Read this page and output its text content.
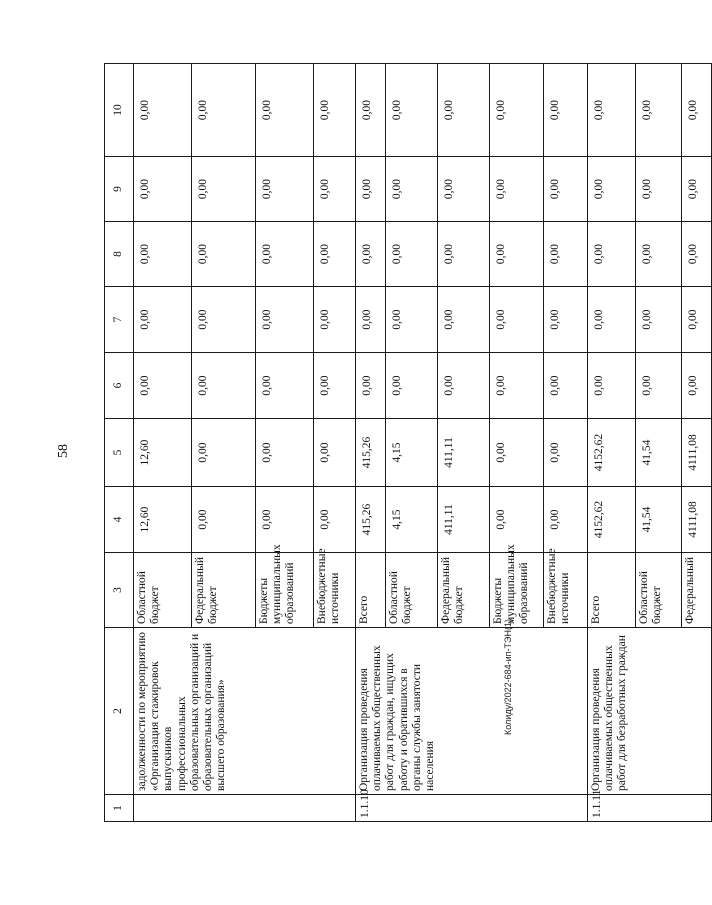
58
Колиду/2022-684-ип-ТЭН(1)
1	2	3	4	5	6	7	8	9	10
	задолженности по мероприятию «Организация стажировок выпускников профессиональных образовательных организаций и образовательных организаций высшего образования»	Областной бюджет	12,60	12,60	0,00	0,00	0,00	0,00	0,00
		Федеральный бюджет	0,00	0,00	0,00	0,00	0,00	0,00	0,00
		Бюджеты муниципальных образований	0,00	0,00	0,00	0,00	0,00	0,00	0,00
		Внебюджетные источники	0,00	0,00	0,00	0,00	0,00	0,00	0,00
1.1.10	Организация проведения оплачиваемых общественных работ для граждан, ищущих работу и обратившихся в органы службы занятости населения	Всего	415,26	415,26	0,00	0,00	0,00	0,00	0,00
		Областной бюджет	4,15	4,15	0,00	0,00	0,00	0,00	0,00
		Федеральный бюджет	411,11	411,11	0,00	0,00	0,00	0,00	0,00
		Бюджеты муниципальных образований	0,00	0,00	0,00	0,00	0,00	0,00	0,00
		Внебюджетные источники	0,00	0,00	0,00	0,00	0,00	0,00	0,00
1.1.11	Организация проведения оплачиваемых общественных работ для безработных граждан	Всего	4152,62	4152,62	0,00	0,00	0,00	0,00	0,00
		Областной бюджет	41,54	41,54	0,00	0,00	0,00	0,00	0,00
		Федеральный	4111,08	4111,08	0,00	0,00	0,00	0,00	0,00
